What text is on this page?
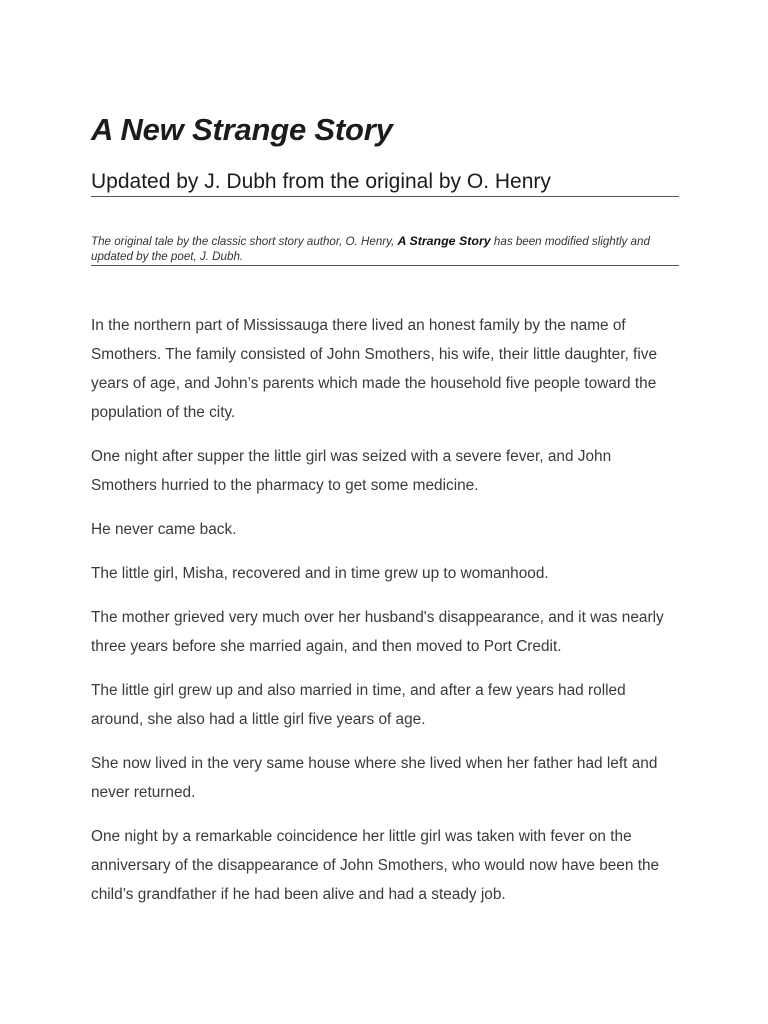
A New Strange Story
Updated by J. Dubh from the original by O. Henry

The original tale by the classic short story author, O. Henry, A Strange Story has been modified slightly and updated by the poet, J. Dubh.

In the northern part of Mississauga there lived an honest family by the name of Smothers. The family consisted of John Smothers, his wife, their little daughter, five years of age, and John’s parents which made the household five people toward the population of the city.

One night after supper the little girl was seized with a severe fever, and John Smothers hurried to the pharmacy to get some medicine.

He never came back.

The little girl, Misha, recovered and in time grew up to womanhood.

The mother grieved very much over her husband's disappearance, and it was nearly three years before she married again, and then moved to Port Credit.

The little girl grew up and also married in time, and after a few years had rolled around, she also had a little girl five years of age.

She now lived in the very same house where she lived when her father had left and never returned.

One night by a remarkable coincidence her little girl was taken with fever on the anniversary of the disappearance of John Smothers, who would now have been the child’s grandfather if he had been alive and had a steady job.
